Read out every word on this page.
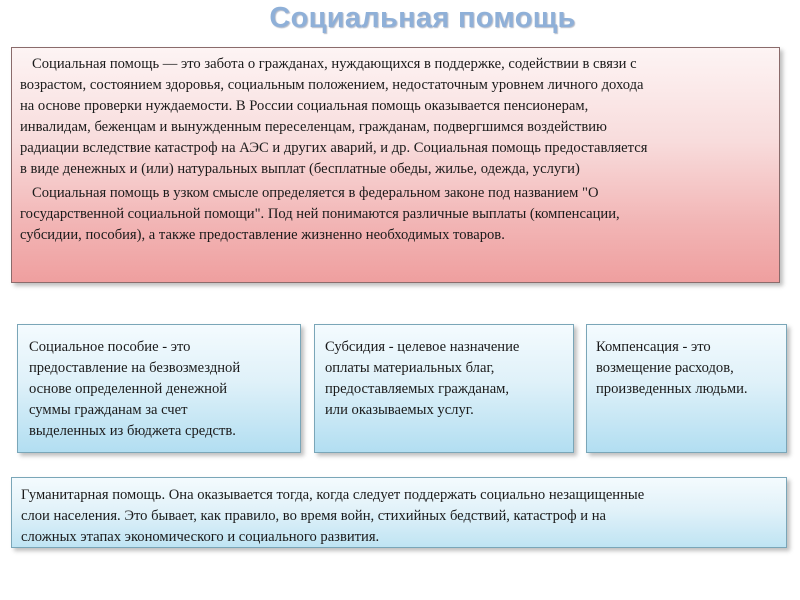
Социальная помощь

Социальная помощь — это забота о гражданах, нуждающихся в поддержке, содействии в связи с
возрастом, состоянием здоровья, социальным положением, недостаточным уровнем личного дохода
на основе проверки нуждаемости. В России социальная помощь оказывается пенсионерам,
инвалидам, беженцам и вынужденным переселенцам, гражданам, подвергшимся воздействию
радиации вследствие катастроф на АЭС и других аварий, и др. Социальная помощь предоставляется
в виде денежных и (или) натуральных выплат (бесплатные обеды, жилье, одежда, услуги)

Социальная помощь в узком смысле определяется в федеральном законе под названием "О
государственной социальной помощи". Под ней понимаются различные выплаты (компенсации,
субсидии, пособия), а также предоставление жизненно необходимых товаров.

Социальное пособие - это
предоставление на безвозмездной
основе определенной денежной
суммы гражданам за счет
выделенных из бюджета средств.
Субсидия - целевое назначение
оплаты материальных благ,
предоставляемых гражданам,
или оказываемых услуг.
Компенсация - это
возмещение расходов,
произведенных людьми.
Гуманитарная помощь. Она оказывается тогда, когда следует поддержать социально незащищенные
слои населения. Это бывает, как правило, во время войн, стихийных бедствий, катастроф и на
сложных этапах экономического и социального развития.
